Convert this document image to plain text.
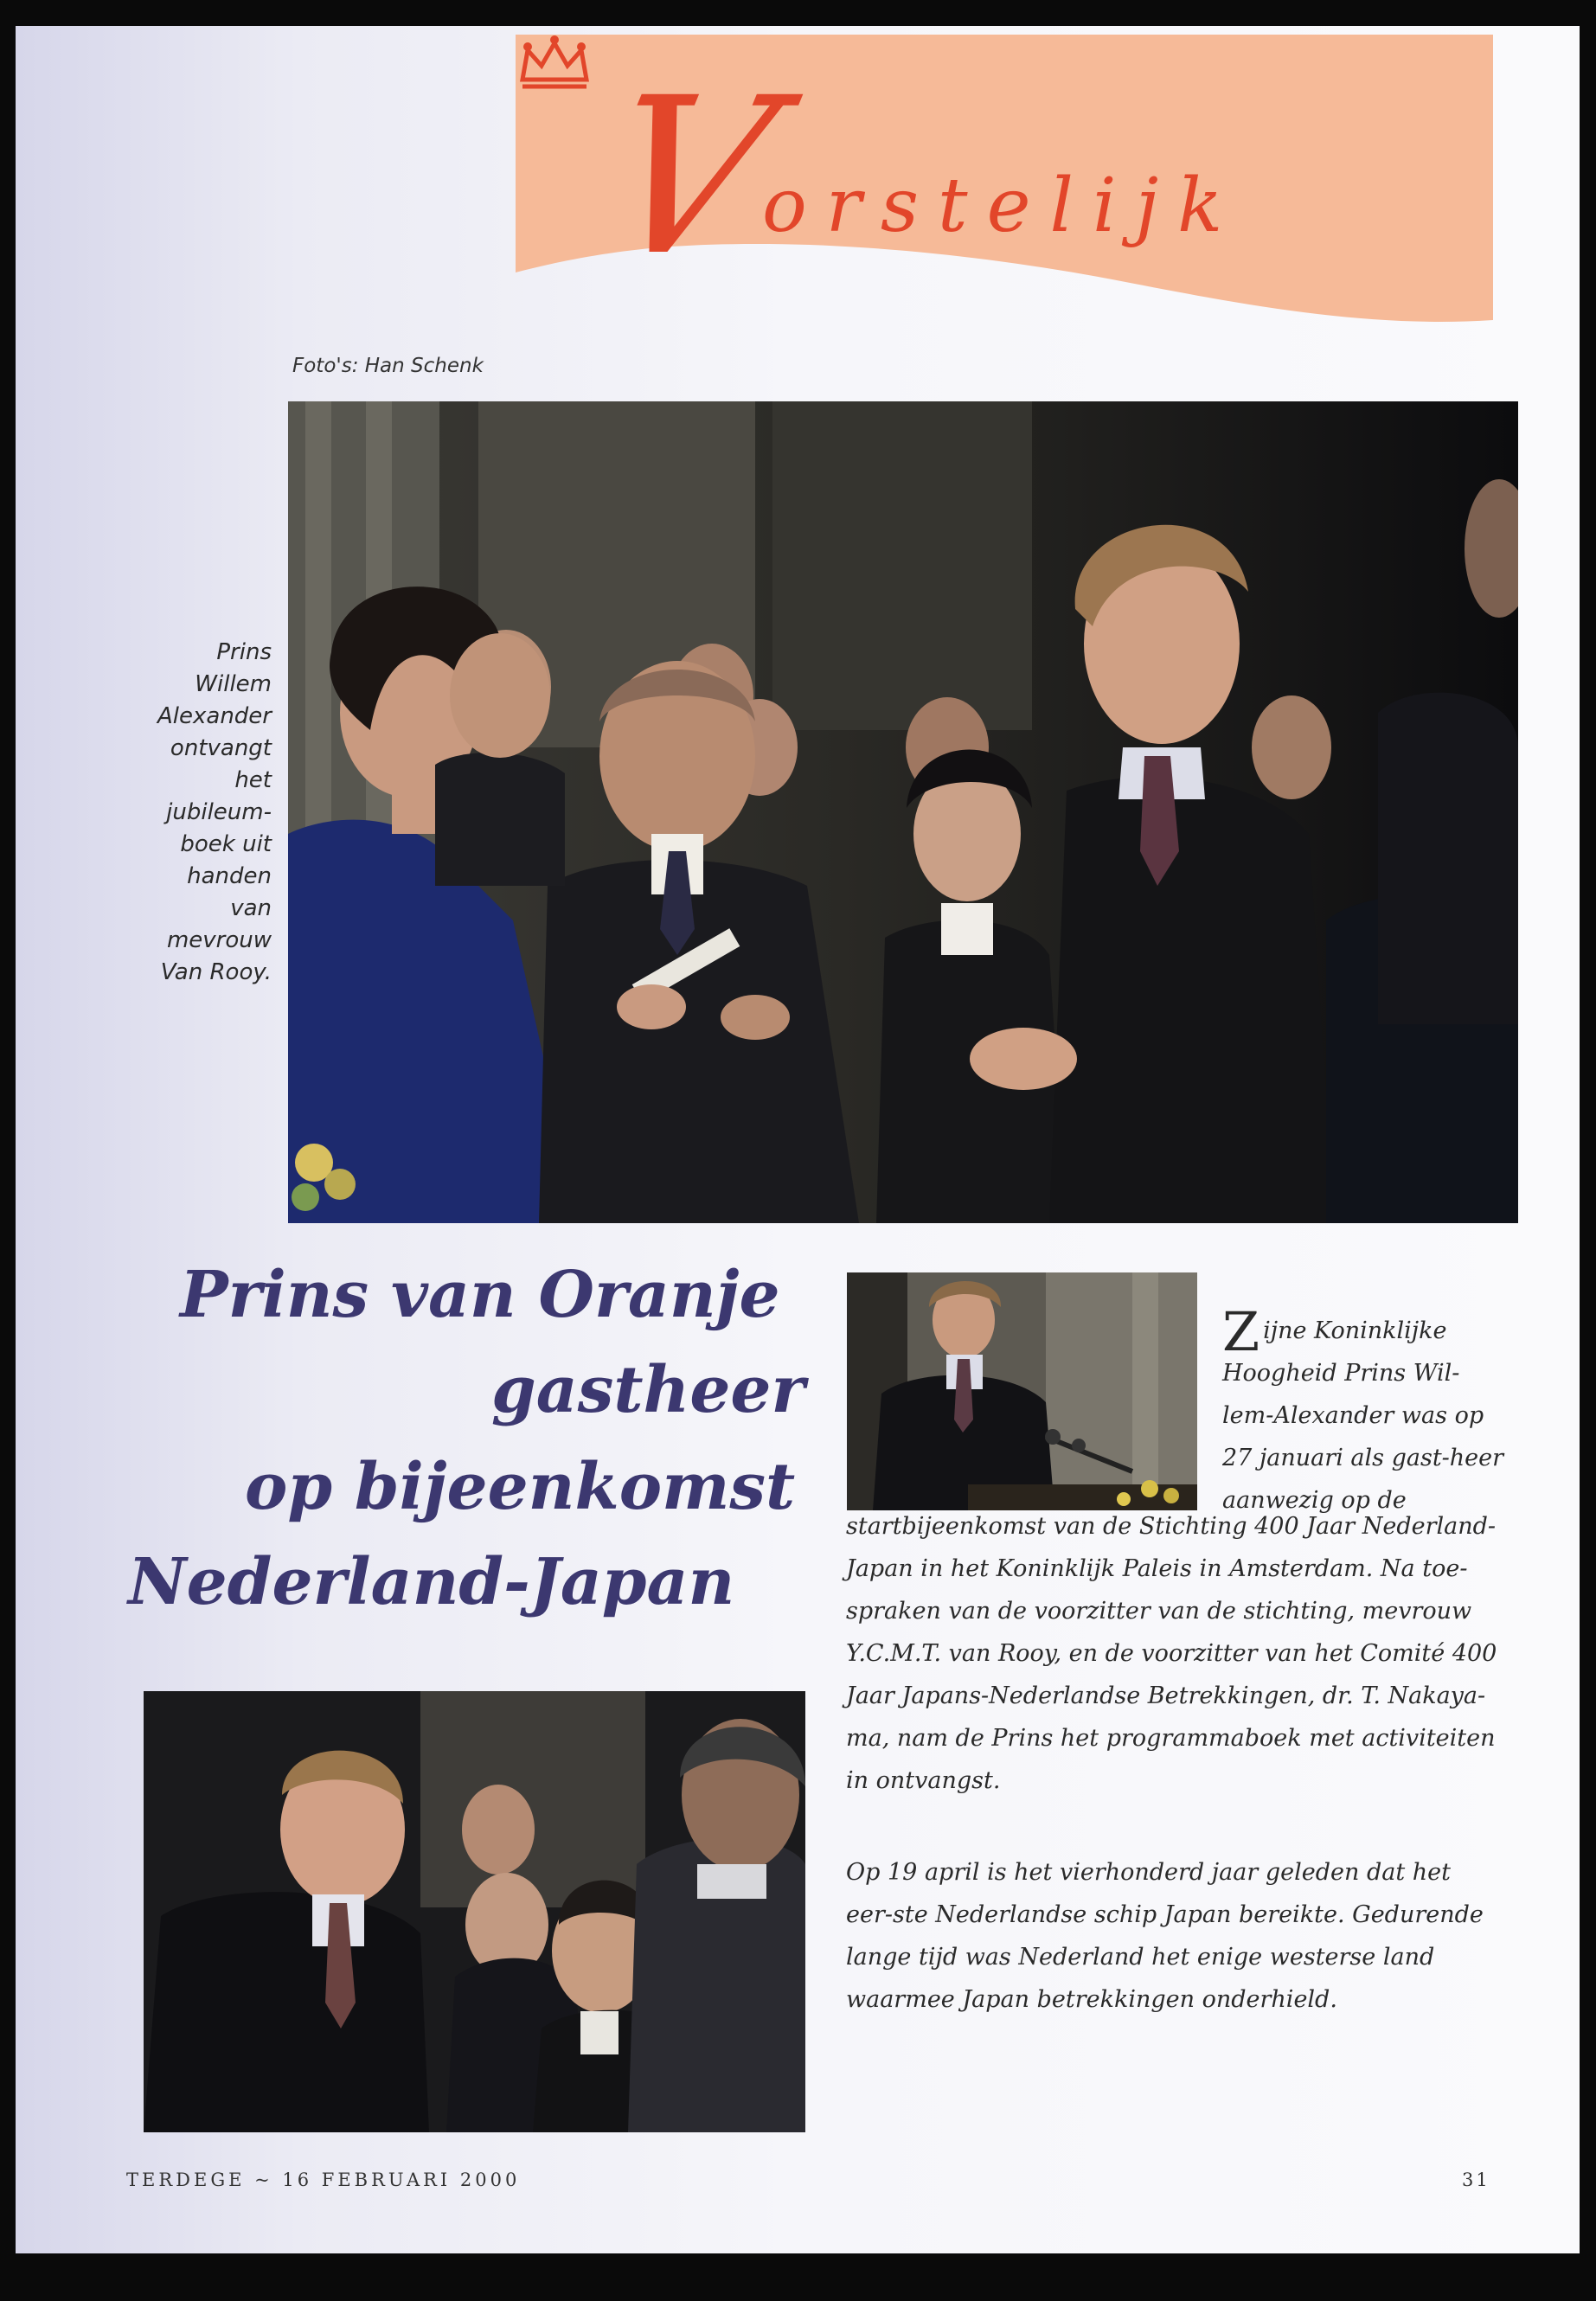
V
orstelijk
Foto's: Han Schenk
Prins
Willem
Alexander
ontvangt
het
jubileum-
boek uit
handen
van
mevrouw
Van Rooy.
Prins van Oranje
gastheer
op bijeenkomst
Nederland-Japan
Zijne Koninklijke Hoogheid Prins Wil-lem-Alexander was op 27 januari als gast-heer aanwezig op de
startbijeenkomst van de Stichting 400 Jaar Nederland-Japan in het Koninklijk Paleis in Amsterdam. Na toe-spraken van de voorzitter van de stichting, mevrouw Y.C.M.T. van Rooy, en de voorzitter van het Comité 400 Jaar Japans-Nederlandse Betrekkingen, dr. T. Nakaya-ma, nam de Prins het programmaboek met activiteiten in ontvangst.
Op 19 april is het vierhonderd jaar geleden dat het eer-ste Nederlandse schip Japan bereikte. Gedurende lange tijd was Nederland het enige westerse land waarmee Japan betrekkingen onderhield.
TERDEGE ~ 16 FEBRUARI 2000	31
